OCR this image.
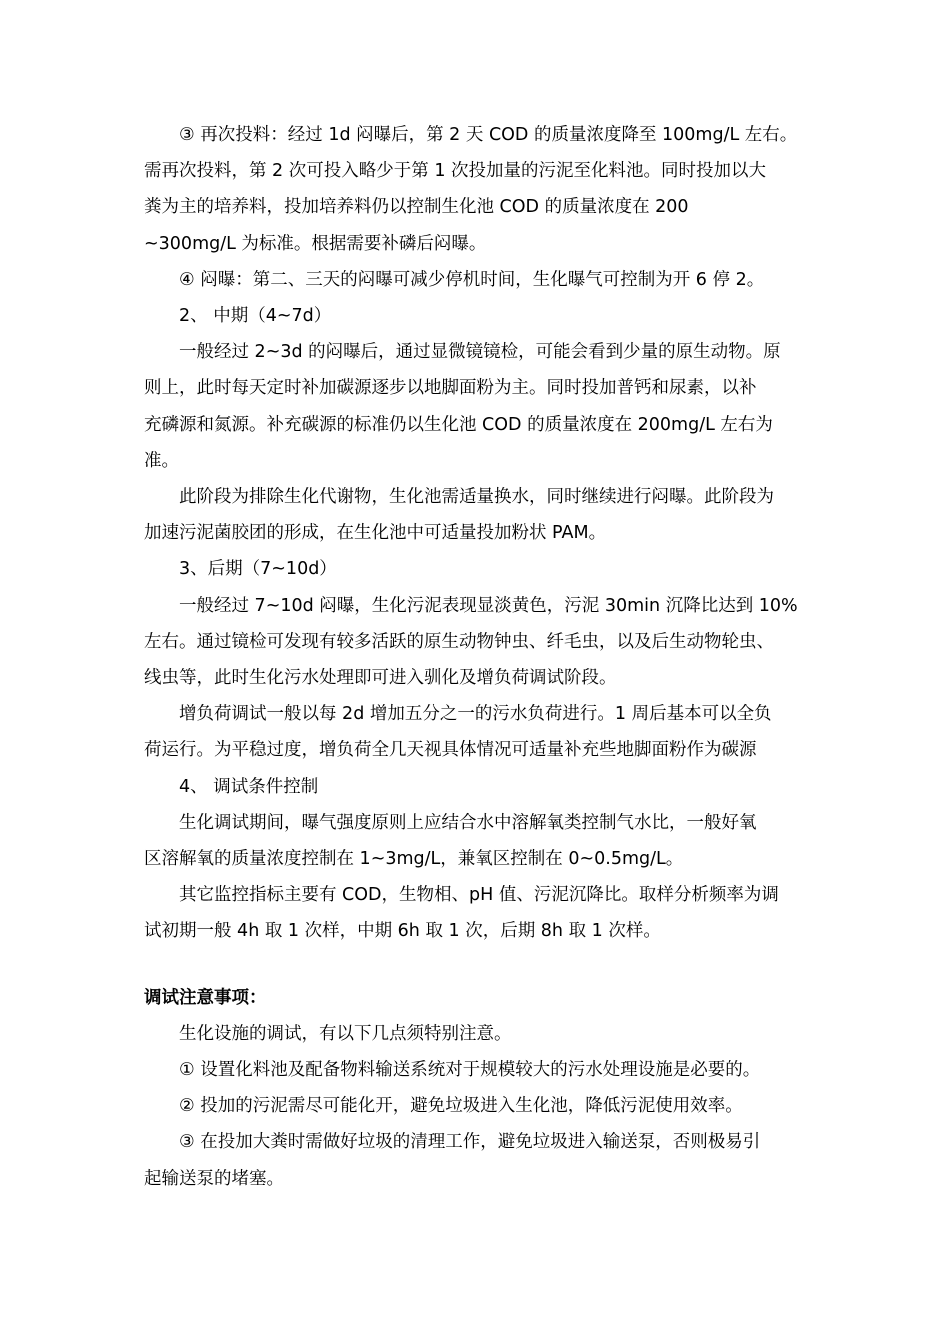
③ 再次投料：经过 1d 闷曝后，第 2 天 COD 的质量浓度降至 100mg/L 左右。
需再次投料，第 2 次可投入略少于第 1 次投加量的污泥至化料池。同时投加以大
粪为主的培养料，投加培养料仍以控制生化池 COD 的质量浓度在 200
~300mg/L 为标准。根据需要补磷后闷曝。

④ 闷曝：第二、三天的闷曝可减少停机时间，生化曝气可控制为开 6 停 2。

2、 中期（4~7d）

一般经过 2~3d 的闷曝后，通过显微镜镜检，可能会看到少量的原生动物。原
则上，此时每天定时补加碳源逐步以地脚面粉为主。同时投加普钙和尿素，以补
充磷源和氮源。补充碳源的标准仍以生化池 COD 的质量浓度在 200mg/L 左右为
准。

此阶段为排除生化代谢物，生化池需适量换水，同时继续进行闷曝。此阶段为
加速污泥菌胶团的形成，在生化池中可适量投加粉状 PAM。

3、后期（7~10d）

一般经过 7~10d 闷曝，生化污泥表现显淡黄色，污泥 30min 沉降比达到 10%
左右。通过镜检可发现有较多活跃的原生动物钟虫、纤毛虫，以及后生动物轮虫、
线虫等，此时生化污水处理即可进入驯化及增负荷调试阶段。

增负荷调试一般以每 2d 增加五分之一的污水负荷进行。1 周后基本可以全负
荷运行。为平稳过度，增负荷全几天视具体情况可适量补充些地脚面粉作为碳源

4、 调试条件控制

生化调试期间，曝气强度原则上应结合水中溶解氧类控制气水比，一般好氧
区溶解氧的质量浓度控制在 1~3mg/L，兼氧区控制在 0~0.5mg/L。

其它监控指标主要有 COD，生物相、pH 值、污泥沉降比。取样分析频率为调
试初期一般 4h 取 1 次样，中期 6h 取 1 次，后期 8h 取 1 次样。

调试注意事项：

生化设施的调试，有以下几点须特别注意。

① 设置化料池及配备物料输送系统对于规模较大的污水处理设施是必要的。

② 投加的污泥需尽可能化开，避免垃圾进入生化池，降低污泥使用效率。

③ 在投加大粪时需做好垃圾的清理工作，避免垃圾进入输送泵，否则极易引
起输送泵的堵塞。
